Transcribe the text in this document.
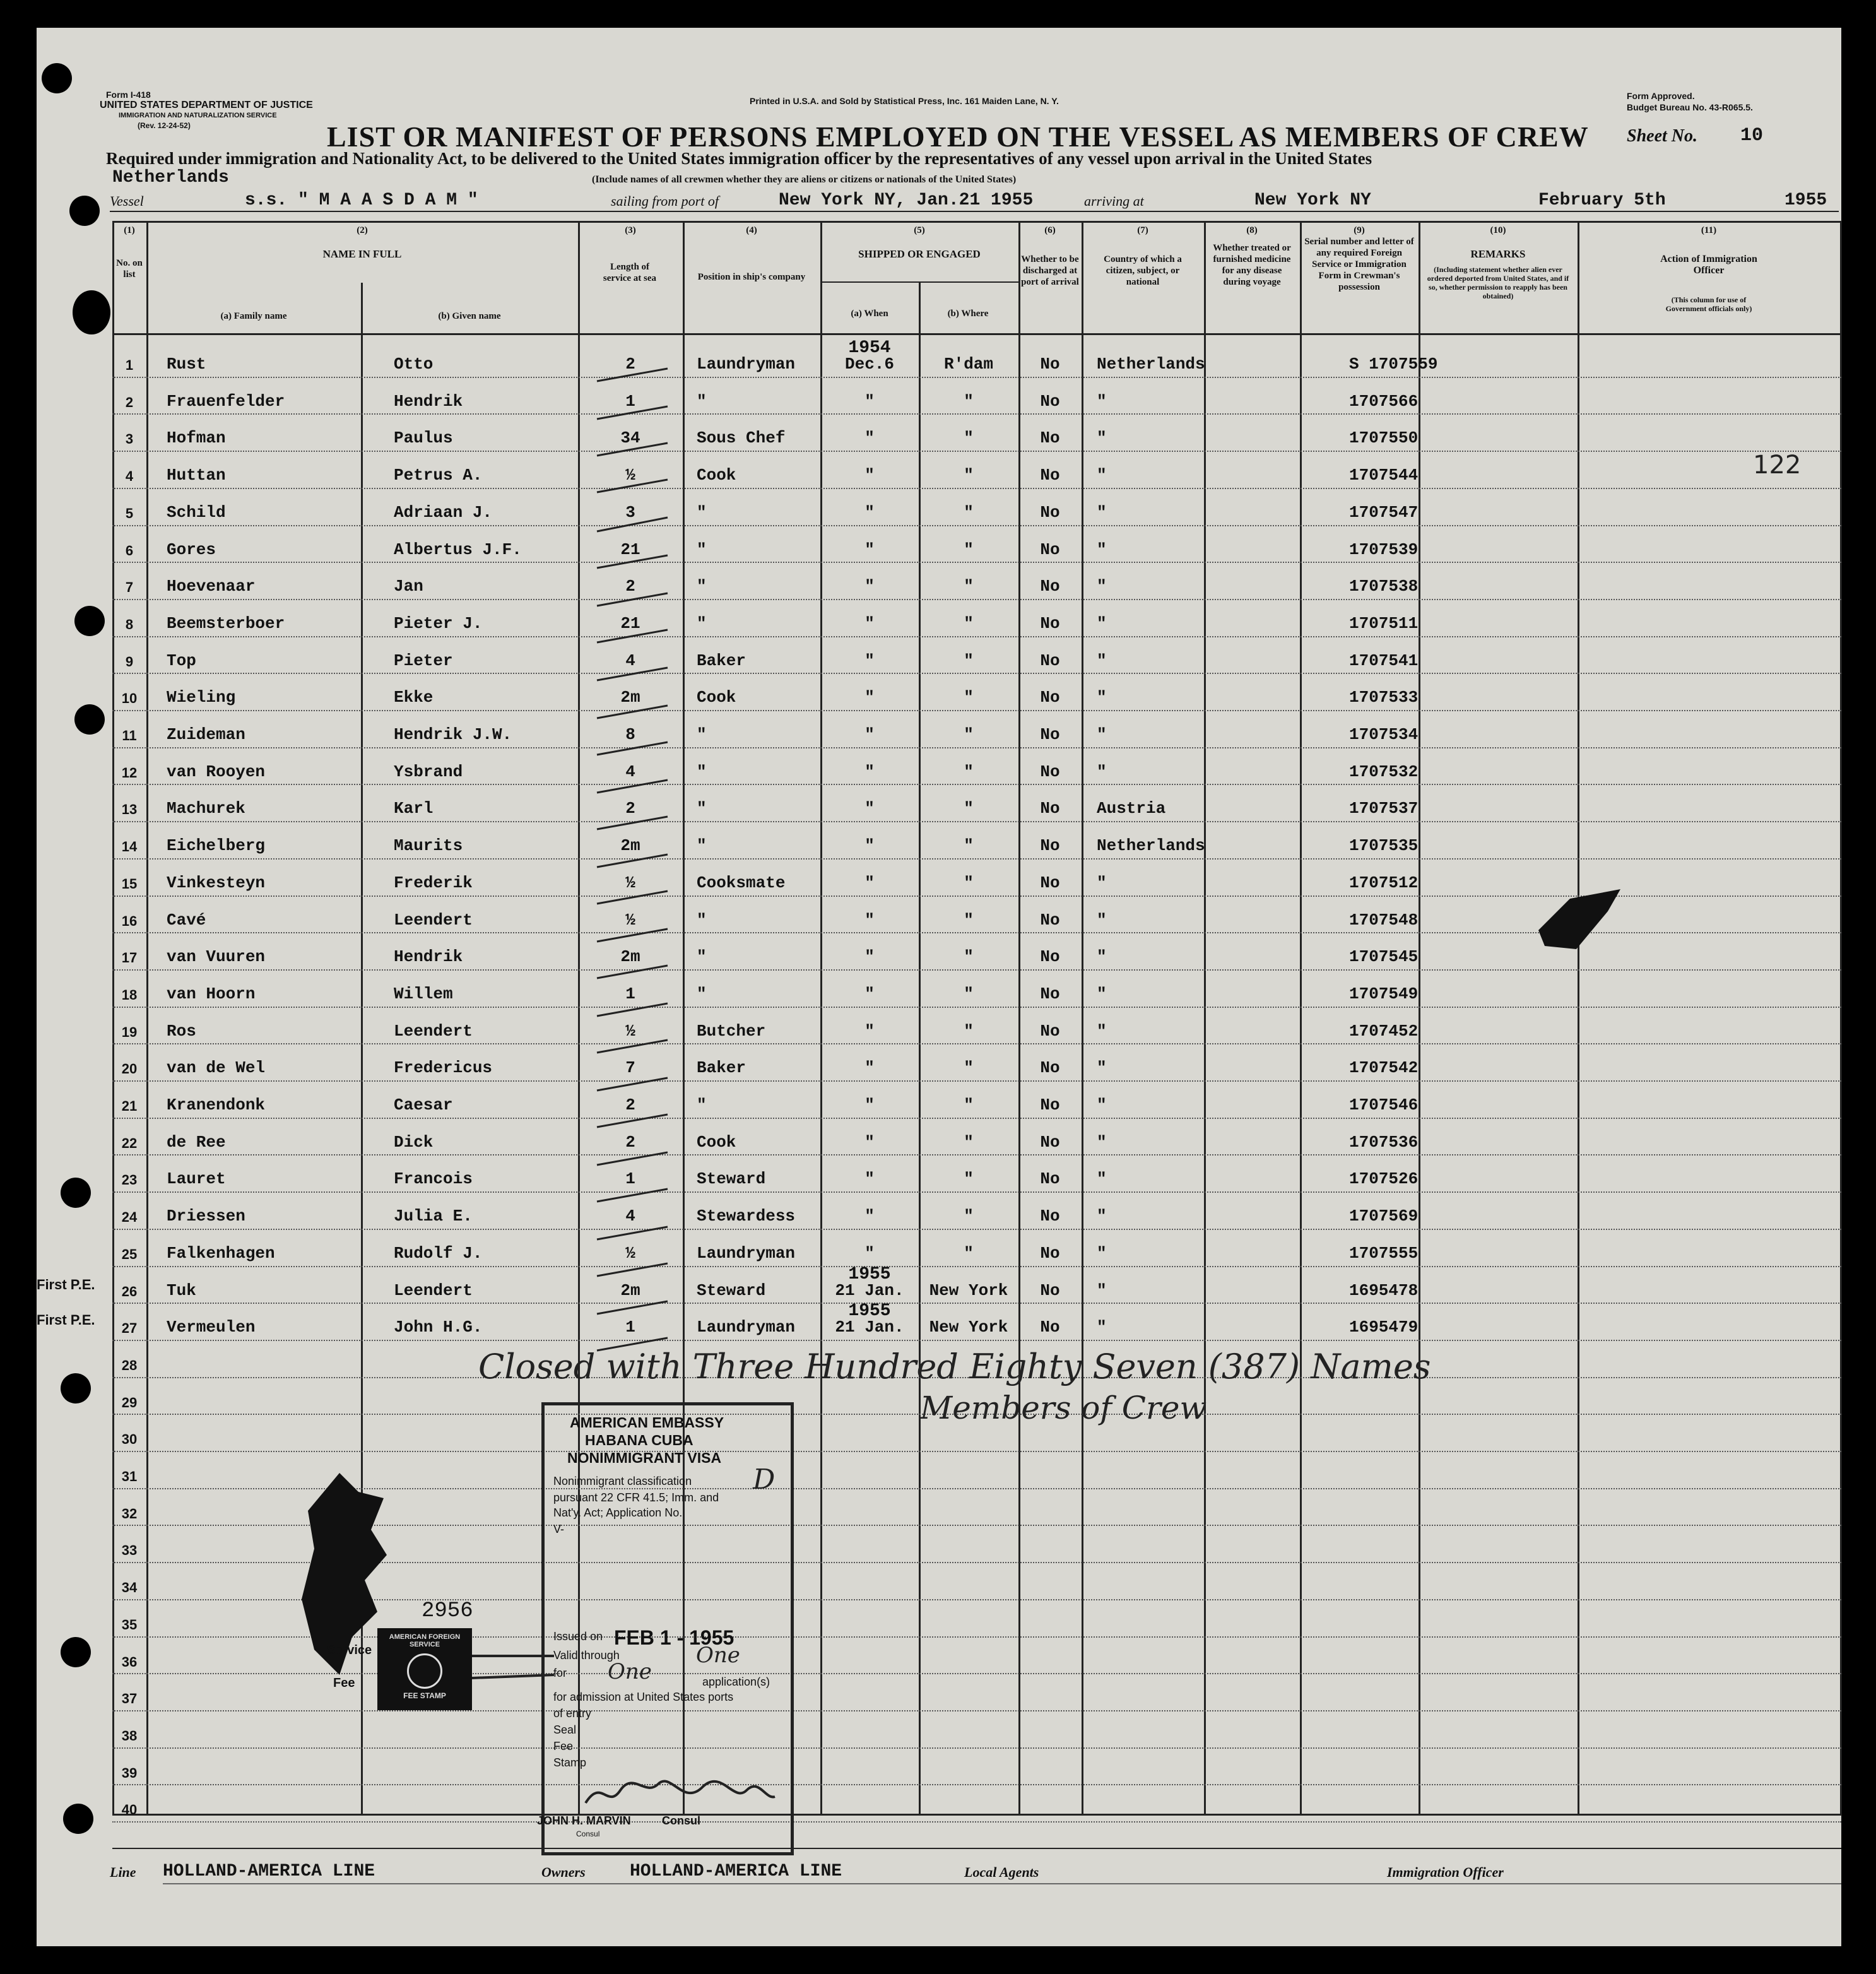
Form I-418
UNITED STATES DEPARTMENT OF JUSTICE
IMMIGRATION AND NATURALIZATION SERVICE
(Rev. 12-24-52)
Printed in U.S.A. and Sold by Statistical Press, Inc. 161 Maiden Lane, N. Y.	Form Approved.
Budget Bureau No. 43-R065.5.
LIST OR MANIFEST OF PERSONS EMPLOYED ON THE VESSEL AS MEMBERS OF CREW Sheet No. 10
Required under immigration and Nationality Act, to be delivered to the United States immigration officer by the representatives of any vessel upon arrival in the United States
Netherlands	(Include names of all crewmen whether they are aliens or citizens or nationals of the United States)
Vessel	s.s. " M A A S D A M "	sailing from port of	New York NY, Jan.21 1955	arriving at	New York NY	February 5th	1955
(1)
No. on list
(2)
NAME IN FULL
(a) Family name	(b) Given name
(3)
Length of service at sea
(4)
Position in ship's company
(5)
SHIPPED OR ENGAGED
(a) When	(b) Where
(6)
Whether to be discharged at port of arrival
(7)
Country of which a citizen, subject, or national
(8)
Whether treated or furnished medicine for any disease during voyage
(9)
Serial number and letter of any required Foreign Service or Immigration Form in Crewman's possession
(10)
REMARKS
(Including statement whether alien ever ordered deported from United States, and if so, whether permission to reapply has been obtained)
(11)
Action of Immigration Officer
(This column for use of Government officials only)
1	Rust	Otto	2	Laundryman	Dec.6	R'dam	No	Netherlands	S 1707559
1954
2	Frauenfelder	Hendrik	1	"	"	"	No	"	1707566
3	Hofman	Paulus	34	Sous Chef	"	"	No	"	1707550
4	Huttan	Petrus A.	½	Cook	"	"	No	"	1707544
5	Schild	Adriaan J.	3	"	"	"	No	"	1707547
6	Gores	Albertus J.F.	21	"	"	"	No	"	1707539
7	Hoevenaar	Jan	2	"	"	"	No	"	1707538
8	Beemsterboer	Pieter J.	21	"	"	"	No	"	1707511
9	Top	Pieter	4	Baker	"	"	No	"	1707541
10	Wieling	Ekke	2m	Cook	"	"	No	"	1707533
11	Zuideman	Hendrik J.W.	8	"	"	"	No	"	1707534
12	van Rooyen	Ysbrand	4	"	"	"	No	"	1707532
13	Machurek	Karl	2	"	"	"	No	Austria	1707537
14	Eichelberg	Maurits	2m	"	"	"	No	Netherlands	1707535
15	Vinkesteyn	Frederik	½	Cooksmate	"	"	No	"	1707512
16	Cavé	Leendert	½	"	"	"	No	"	1707548
17	van Vuuren	Hendrik	2m	"	"	"	No	"	1707545
18	van Hoorn	Willem	1	"	"	"	No	"	1707549
19	Ros	Leendert	½	Butcher	"	"	No	"	1707452
20	van de Wel	Fredericus	7	Baker	"	"	No	"	1707542
21	Kranendonk	Caesar	2	"	"	"	No	"	1707546
22	de Ree	Dick	2	Cook	"	"	No	"	1707536
23	Lauret	Francois	1	Steward	"	"	No	"	1707526
24	Driessen	Julia E.	4	Stewardess	"	"	No	"	1707569
25	Falkenhagen	Rudolf J.	½	Laundryman	"	"	No	"	1707555
26	Tuk	Leendert	2m	Steward	21 Jan.	New York	No	"	1695478
1955
27	Vermeulen	John H.G.	1	Laundryman	21 Jan.	New York	No	"	1695479
1955
28
29
30
31
32
33
34
35
36
37
38
39
40
122
First P.E.
First P.E.
Closed with Three Hundred Eighty Seven (387) Names
Members of Crew
2956
Service
Fee
AMERICAN FOREIGN SERVICE
FEE STAMP
AMERICAN EMBASSY
HABANA CUBA
NONIMMIGRANT VISA
Nonimmigrant classification D
pursuant 22 CFR 41.5; Imm. and
Nat'y. Act; Application No.
V-
Issued on FEB 1 - 1955
Valid through	One
for One	application(s)
for admission at United States ports
of entry
Seal
Fee
Stamp
JOHN H. MARVIN	Consul
Consul
Line HOLLAND-AMERICA LINE	Owners	HOLLAND-AMERICA LINE	Local Agents	Immigration Officer
